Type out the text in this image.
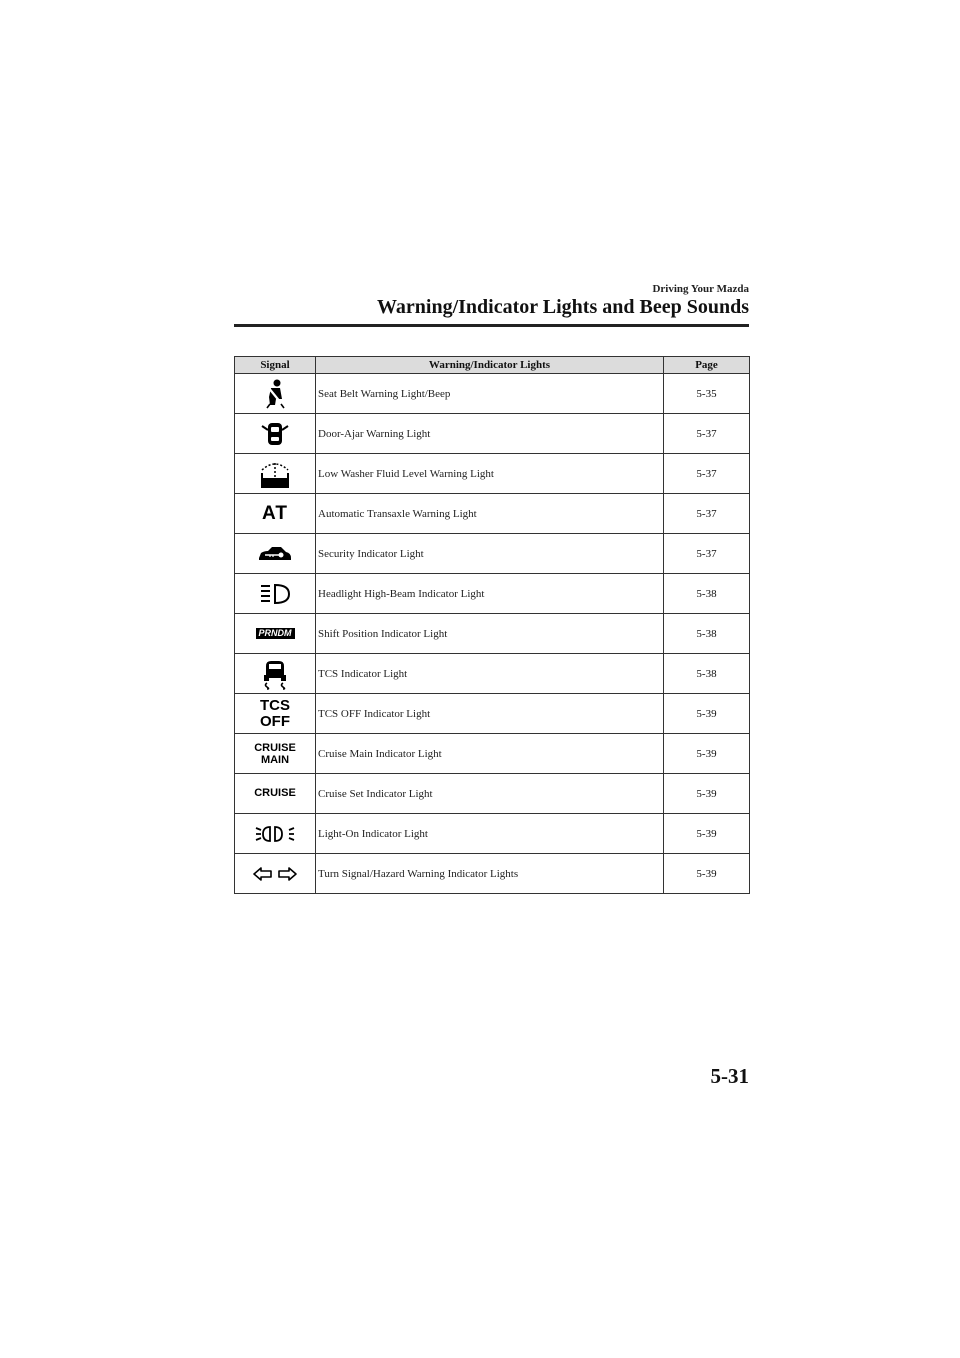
Driving Your Mazda
Warning/Indicator Lights and Beep Sounds
Signal	Warning/Indicator Lights	Page
	Seat Belt Warning Light/Beep	5-35
	Door-Ajar Warning Light	5-37
	Low Washer Fluid Level Warning Light	5-37
AT	Automatic Transaxle Warning Light	5-37
	Security Indicator Light	5-37
	Headlight High-Beam Indicator Light	5-38
PRNDM	Shift Position Indicator Light	5-38
	TCS Indicator Light	5-38

TCS
OFF	TCS OFF Indicator Light	5-39

CRUISE
MAIN	Cruise Main Indicator Light	5-39
CRUISE	Cruise Set Indicator Light	5-39
	Light-On Indicator Light	5-39
	Turn Signal/Hazard Warning Indicator Lights	5-39
5-31
